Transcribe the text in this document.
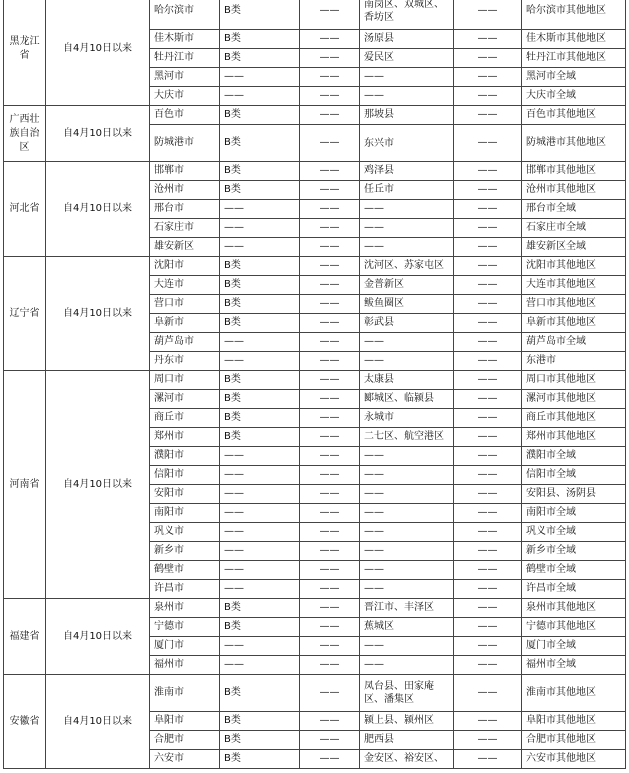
黑龙江省	自4月10日以来	哈尔滨市	B类	——	南岗区、双城区、香坊区	——	哈尔滨市其他地区
		佳木斯市	B类	——	汤原县	——	佳木斯市其他地区
		牡丹江市	B类	——	爱民区	——	牡丹江市其他地区
		黑河市	——	——	——	——	黑河市全域
		大庆市	——	——	——	——	大庆市全域
广西壮族自治区	自4月10日以来	百色市	B类	——	那坡县	——	百色市其他地区
		防城港市	B类	——	东兴市	——	防城港市其他地区
河北省	自4月10日以来	邯郸市	B类	——	鸡泽县	——	邯郸市其他地区
		沧州市	B类	——	任丘市	——	沧州市其他地区
		邢台市	——	——	——	——	邢台市全域
		石家庄市	——	——	——	——	石家庄市全域
		雄安新区	——	——	——	——	雄安新区全域
辽宁省	自4月10日以来	沈阳市	B类	——	沈河区、苏家屯区	——	沈阳市其他地区
		大连市	B类	——	金普新区	——	大连市其他地区
		营口市	B类	——	鲅鱼圈区	——	营口市其他地区
		阜新市	B类	——	彰武县	——	阜新市其他地区
		葫芦岛市	——	——	——	——	葫芦岛市全域
		丹东市	——	——	——	——	东港市
河南省	自4月10日以来	周口市	B类	——	太康县	——	周口市其他地区
		漯河市	B类	——	郾城区、临颍县	——	漯河市其他地区
		商丘市	B类	——	永城市	——	商丘市其他地区
		郑州市	B类	——	二七区、航空港区	——	郑州市其他地区
		濮阳市	——	——	——	——	濮阳市全域
		信阳市	——	——	——	——	信阳市全域
		安阳市	——	——	——	——	安阳县、汤阴县
		南阳市	——	——	——	——	南阳市全域
		巩义市	——	——	——	——	巩义市全域
		新乡市	——	——	——	——	新乡市全域
		鹤壁市	——	——	——	——	鹤壁市全域
		许昌市	——	——	——	——	许昌市全域
福建省	自4月10日以来	泉州市	B类	——	晋江市、丰泽区	——	泉州市其他地区
		宁德市	B类	——	蕉城区	——	宁德市其他地区
		厦门市	——	——	——	——	厦门市全域
		福州市	——	——	——	——	福州市全域
安徽省	自4月10日以来	淮南市	B类	——	凤台县、田家庵区、潘集区	——	淮南市其他地区
		阜阳市	B类	——	颍上县、颍州区	——	阜阳市其他地区
		合肥市	B类	——	肥西县	——	合肥市其他地区
		六安市	B类	——	金安区、裕安区、	——	六安市其他地区
